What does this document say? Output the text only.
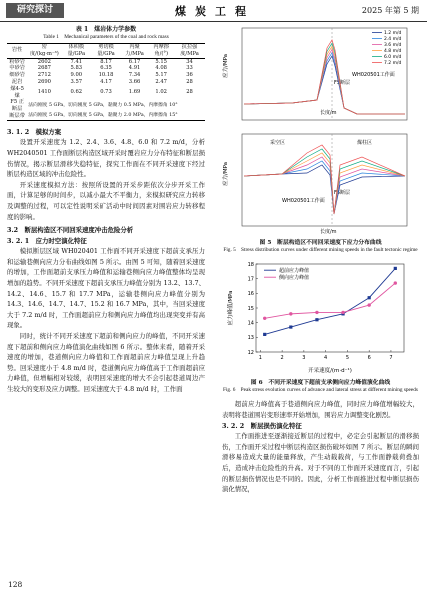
研究探讨	煤炭工程	2025 年第 5 期
表 1　煤岩体力学参数
Table 1　Mechanical parameters of the coal and rock mass
岩性	密度/(kg·m⁻³)	体积模量/GPa	剪切模量/GPa	内聚力/MPa	内摩擦角/(°)	抗拉强度/MPa
粉砂岩	2602	7.41	8.17	6.17	5.15	34
中砂岩	2687	5.83	6.35	4.91	4.08	33
细砂岩	2712	9.00	10.18	7.34	5.17	36
泥岩	2690	3.57	4.17	3.66	2.47	28
煤4-5煤	1410	0.62	0.73	1.69	1.02	28
F5 正断层	法向刚度 5 GPa，切向刚度 5 GPa，黏聚力 0.5 MPa，内摩擦角 10°					
断层带	法向刚度 5 GPa，切向刚度 5 GPa，黏聚力 2.0 MPa，内摩擦角 15°					
3. 1. 2　模拟方案
设置开采速度为 1.2、2.4、3.6、4.8、6.0 和 7.2 m/d，分析 WH2040501 工作面断层构造区域开采时覆岩应力分布特征和断层损伤情况，揭示断层滑移失稳特征，探究工作面在不同开采速度下经过断层构造区域的冲击危险性。
开采速度模拟方法：按照所设置的开采步距依次分步开采工作面，计算足够的时间步，以减小最大不平衡力，来模拟研究应力转移及调整的过程，可以定性说明采矿活动中时间因素对围岩应力转移程度的影响。
3.2　断层构造区不同回采速度冲击危险分析
3. 2. 1　应力时空演化特征
模拟断层区域 WH020401 工作面不同开采速度下超前支承压力和运输巷侧向应力分布曲线如图 5 所示。由图 5 可知，随着回采速度的增加，工作面超前支承压力峰值和运输巷侧向应力峰值整体均呈现增加的趋势。不同开采速度下超前支承压力峰值分别为 13.2、13.7、14.2、14.6、15.7 和 17.7 MPa，运输巷侧向应力峰值分别为 14.3、14.6、14.7、14.7、15.2 和 16.7 MPa，其中，当回采速度大于 7.2 m/d 时，工作面超前应力和侧向应力峰值均出现突变并有高现象。
同时，统计不同开采速度下超前和侧向应力的峰值，不同开采速度下超前和侧向应力峰值演化曲线如图 6 所示。整体来看，随着开采速度的增加，巷道侧向应力峰值和工作面超前应力峰值呈现上升趋势。回采速度小于 4.8 m/d 时，巷道侧向应力峰值高于工作面超前应力峰值，但增幅相对较缓，表明回采速度的增大不会引起巷道周边产生较大的变形及应力调整。回采速度大于 4.8 m/d 时，工作面
应力/MPa	WH020501工作面
F5断层
长度/m
1.2 m/d
2.4 m/d
3.6 m/d
4.8 m/d
6.0 m/d
7.2 m/d
应力/MPa
WH020501工作面
F5断层
采空区	煤柱区
长度/m
图 5　断层构造区不同回采速度下应力分布曲线
Fig. 5　Stress distribution curves under different mining speeds in the fault tectonic regime
应力峰值/MPa
开采速度/(m·d⁻¹)
1	2	3	4	5	6	7
12
13
14
15
16
17
18
超前应力峰值
侧向应力峰值
图 6　不同开采速度下超前支承侧向应力峰值演化曲线
Fig. 6　Peak stress evolution curves of advance and lateral stress at different mining speeds
超前应力峰值高于巷道侧向应力峰值，同时应力峰值增幅较大，表明将巷道围岩变形速率开始增加，围岩应力调整变化剧烈。
3. 2. 2　断层损伤演化特征
工作面推进至逐渐接近断层的过程中，必定会引起断层的滑移损伤，工作面开采过程中断层构造区损伤破坏如图 7 所示。断层的瞬间滑移易造成大量的能量释放，产生动载载荷，与工作面静载荷叠加后，造成冲击危险性的升高。对于不同的工作面开采速度而言，引起的断层损伤情况也是不同的。因此，分析工作面推进过程中断层损伤演化情况，
128
